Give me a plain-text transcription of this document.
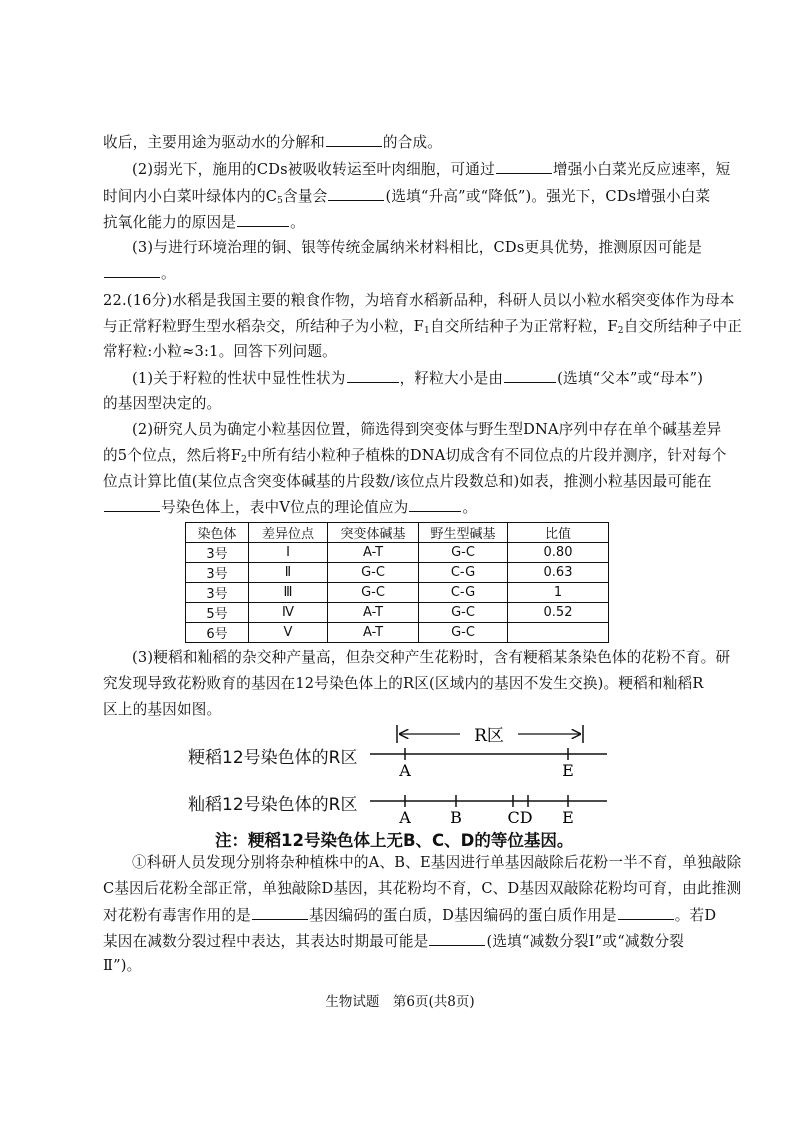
收后，主要用途为驱动水的分解和	的合成。
(2)弱光下，施用的CDs被吸收转运至叶肉细胞，可通过	增强小白菜光反应速率，短
时间内小白菜叶绿体内的$C_5$含量会	(选填“升高”或“降低”)。强光下，CDs增强小白菜
抗氧化能力的原因是	。
(3)与进行环境治理的铜、银等传统金属纳米材料相比，CDs更具优势，推测原因可能是
。
22.(16分)水稻是我国主要的粮食作物，为培育水稻新品种，科研人员以小粒水稻突变体作为母本
与正常籽粒野生型水稻杂交，所结种子为小粒，$F_1$自交所结种子为正常籽粒，$F_2$自交所结种子中正
常籽粒:小粒≈3:1。回答下列问题。
(1)关于籽粒的性状中显性性状为	，籽粒大小是由	(选填“父本”或“母本”)
的基因型决定的。
(2)研究人员为确定小粒基因位置，筛选得到突变体与野生型DNA序列中存在单个碱基差异
的5个位点，然后将$F_2$中所有结小粒种子植株的DNA切成含有不同位点的片段并测序，针对每个
位点计算比值(某位点含突变体碱基的片段数/该位点片段数总和)如表，推测小粒基因最可能在
号染色体上，表中V位点的理论值应为	。
染色体	差异位点	突变体碱基	野生型碱基	比值
3号	Ⅰ	A-T	G-C	0.80
3号	Ⅱ	G-C	C-G	0.63
3号	Ⅲ	G-C	C-G	1
5号	Ⅳ	A-T	G-C	0.52
6号	Ⅴ	A-T	G-C	
(3)粳稻和籼稻的杂交种产量高，但杂交种产生花粉时，含有粳稻某条染色体的花粉不育。研
究发现导致花粉败育的基因在12号染色体上的R区(区域内的基因不发生交换)。粳稻和籼稻R
区上的基因如图。
R区
A	E
A B	CD E
粳稻12号染色体的R区
籼稻12号染色体的R区
注：粳稻12号染色体上无B、C、D的等位基因。
①科研人员发现分别将杂种植株中的A、B、E基因进行单基因敲除后花粉一半不育，单独敲除
C基因后花粉全部正常，单独敲除D基因，其花粉均不育，C、D基因双敲除花粉均可育，由此推测
对花粉有毒害作用的是	基因编码的蛋白质，D基因编码的蛋白质作用是	。若D
某因在减数分裂过程中表达，其表达时期最可能是	(选填“减数分裂Ⅰ”或“减数分裂
Ⅱ”)。
生物试题　第6页(共8页)
